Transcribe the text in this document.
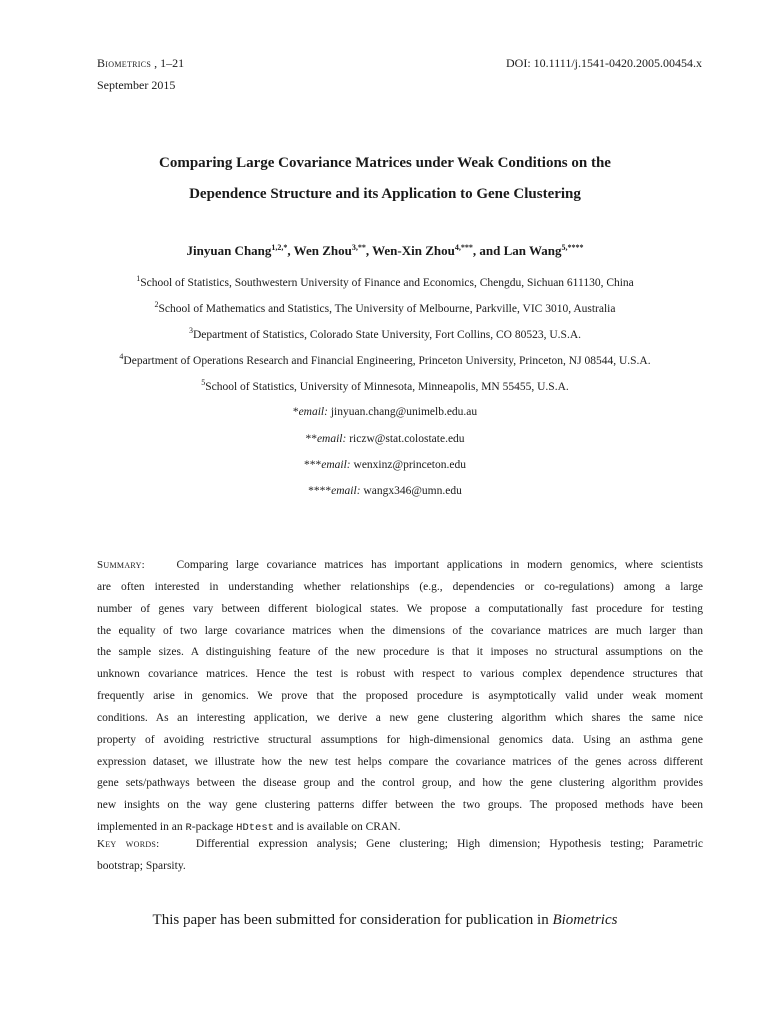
Biometrics , 1–21	DOI: 10.1111/j.1541-0420.2005.00454.x
September 2015
Comparing Large Covariance Matrices under Weak Conditions on the
Dependence Structure and its Application to Gene Clustering
Jinyuan Chang$^{1,2,*}$, Wen Zhou$^{3,**}$, Wen-Xin Zhou$^{4,***}$, and Lan Wang$^{5,****}$
$^1$School of Statistics, Southwestern University of Finance and Economics, Chengdu, Sichuan 611130, China
$^2$School of Mathematics and Statistics, The University of Melbourne, Parkville, VIC 3010, Australia
$^3$Department of Statistics, Colorado State University, Fort Collins, CO 80523, U.S.A.
$^4$Department of Operations Research and Financial Engineering, Princeton University, Princeton, NJ 08544, U.S.A.
$^5$School of Statistics, University of Minnesota, Minneapolis, MN 55455, U.S.A.
*email: jinyuan.chang@unimelb.edu.au
**email: riczw@stat.colostate.edu
***email: wenxinz@princeton.edu
****email: wangx346@umn.edu
Summary:	Comparing large covariance matrices has important applications in modern genomics, where scientists
are often interested in understanding whether relationships (e.g., dependencies or co-regulations) among a large
number of genes vary between different biological states. We propose a computationally fast procedure for testing
the equality of two large covariance matrices when the dimensions of the covariance matrices are much larger than
the sample sizes. A distinguishing feature of the new procedure is that it imposes no structural assumptions on the
unknown covariance matrices. Hence the test is robust with respect to various complex dependence structures that
frequently arise in genomics. We prove that the proposed procedure is asymptotically valid under weak moment
conditions. As an interesting application, we derive a new gene clustering algorithm which shares the same nice
property of avoiding restrictive structural assumptions for high-dimensional genomics data. Using an asthma gene
expression dataset, we illustrate how the new test helps compare the covariance matrices of the genes across different
gene sets/pathways between the disease group and the control group, and how the gene clustering algorithm provides
new insights on the way gene clustering patterns differ between the two groups. The proposed methods have been
implemented in an R-package HDtest and is available on CRAN.
Key words:	Differential expression analysis; Gene clustering; High dimension; Hypothesis testing; Parametric
bootstrap; Sparsity.
This paper has been submitted for consideration for publication in Biometrics
